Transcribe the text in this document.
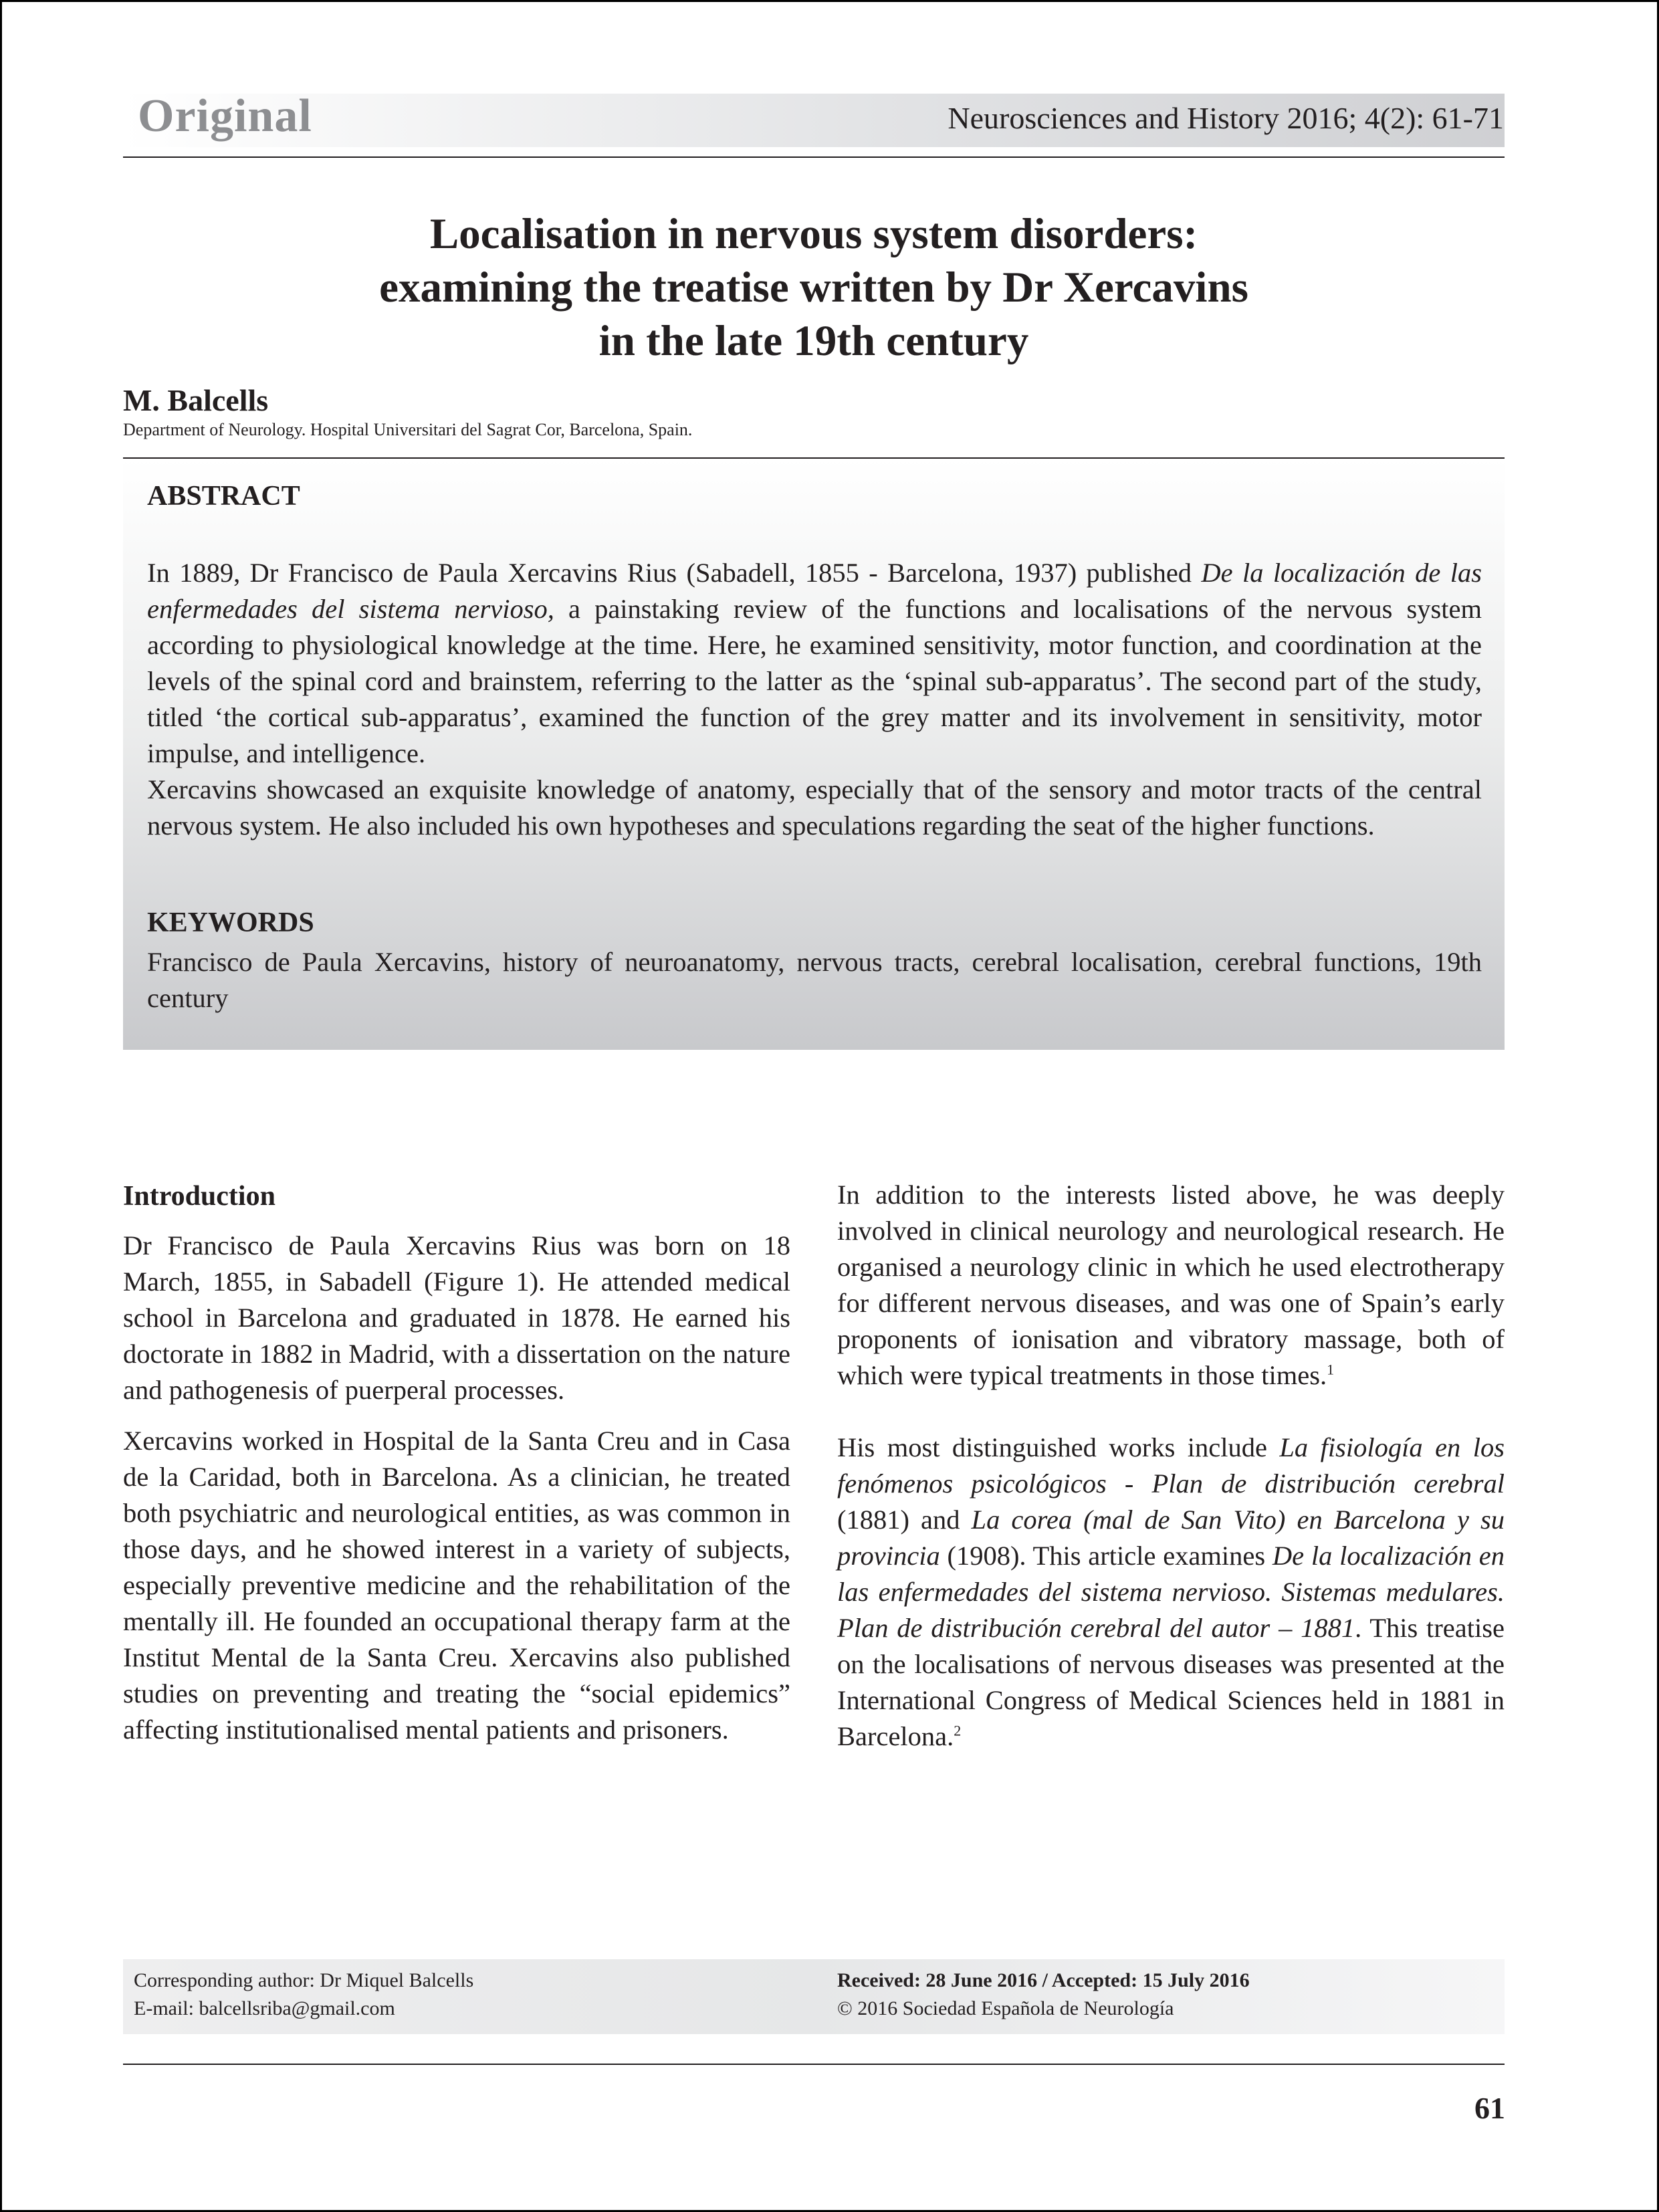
Original	Neurosciences and History 2016; 4(2): 61-71
Localisation in nervous system disorders:
examining the treatise written by Dr Xercavins
in the late 19th century
M. Balcells
Department of Neurology. Hospital Universitari del Sagrat Cor, Barcelona, Spain.
ABSTRACT
In 1889, Dr Francisco de Paula Xercavins Rius (Sabadell, 1855 - Barcelona, 1937) published De la localización de las enfermedades del sistema nervioso, a painstaking review of the functions and localisations of the nervous system according to physiological knowledge at the time. Here, he examined sensitivity, motor function, and coordination at the levels of the spinal cord and brainstem, referring to the latter as the ‘spinal sub-apparatus’. The second part of the study, titled ‘the cortical sub-apparatus’, examined the function of the grey matter and its involvement in sensitivity, motor impulse, and intelligence.
Xercavins showcased an exquisite knowledge of anatomy, especially that of the sensory and motor tracts of the central nervous system. He also included his own hypotheses and speculations regarding the seat of the higher functions.
KEYWORDS
Francisco de Paula Xercavins, history of neuroanatomy, nervous tracts, cerebral localisation, cerebral functions, 19th century

Introduction

Dr Francisco de Paula Xercavins Rius was born on 18 March, 1855, in Sabadell (Figure 1). He attended medical school in Barcelona and graduated in 1878. He earned his doctorate in 1882 in Madrid, with a dissertation on the nature and pathogenesis of puerperal processes.

Xercavins worked in Hospital de la Santa Creu and in Casa de la Caridad, both in Barcelona. As a clinician, he treated both psychiatric and neurological entities, as was common in those days, and he showed interest in a variety of subjects, especially preventive medicine and the rehabilitation of the mentally ill. He founded an occupational therapy farm at the Institut Mental de la Santa Creu. Xercavins also published studies on preventing and treating the “social epidemics” affecting institutionalised mental patients and prisoners.

In addition to the interests listed above, he was deeply involved in clinical neurology and neurological research. He organised a neurology clinic in which he used electrotherapy for different nervous diseases, and was one of Spain’s early proponents of ionisation and vibratory massage, both of which were typical treatments in those times.$^1$

His most distinguished works include La fisiología en los fenómenos psicológicos - Plan de distribución cerebral (1881) and La corea (mal de San Vito) en Barcelona y su provincia (1908). This article examines De la localización en las enfermedades del sistema nervioso. Sistemas medulares. Plan de distribución cerebral del autor – 1881. This treatise on the localisations of nervous diseases was presented at the International Congress of Medical Sciences held in 1881 in Barcelona.$^2$

Corresponding author: Dr Miquel Balcells
E-mail: balcellsriba@gmail.com
Received: 28 June 2016 / Accepted: 15 July 2016
© 2016 Sociedad Española de Neurología
61
